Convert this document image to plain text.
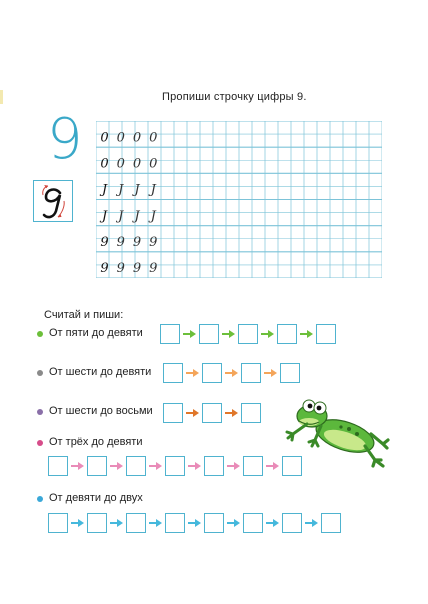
Пропиши строчку цифры 9.
9 0 0 0 0
0 0 0 0
J J J J
J J J J
9 9 9 9
9 9 9 9
Считай и пиши:
От пяти до девяти
От шести до девяти
От шести до восьми
От трёх до девяти
От девяти до двух
